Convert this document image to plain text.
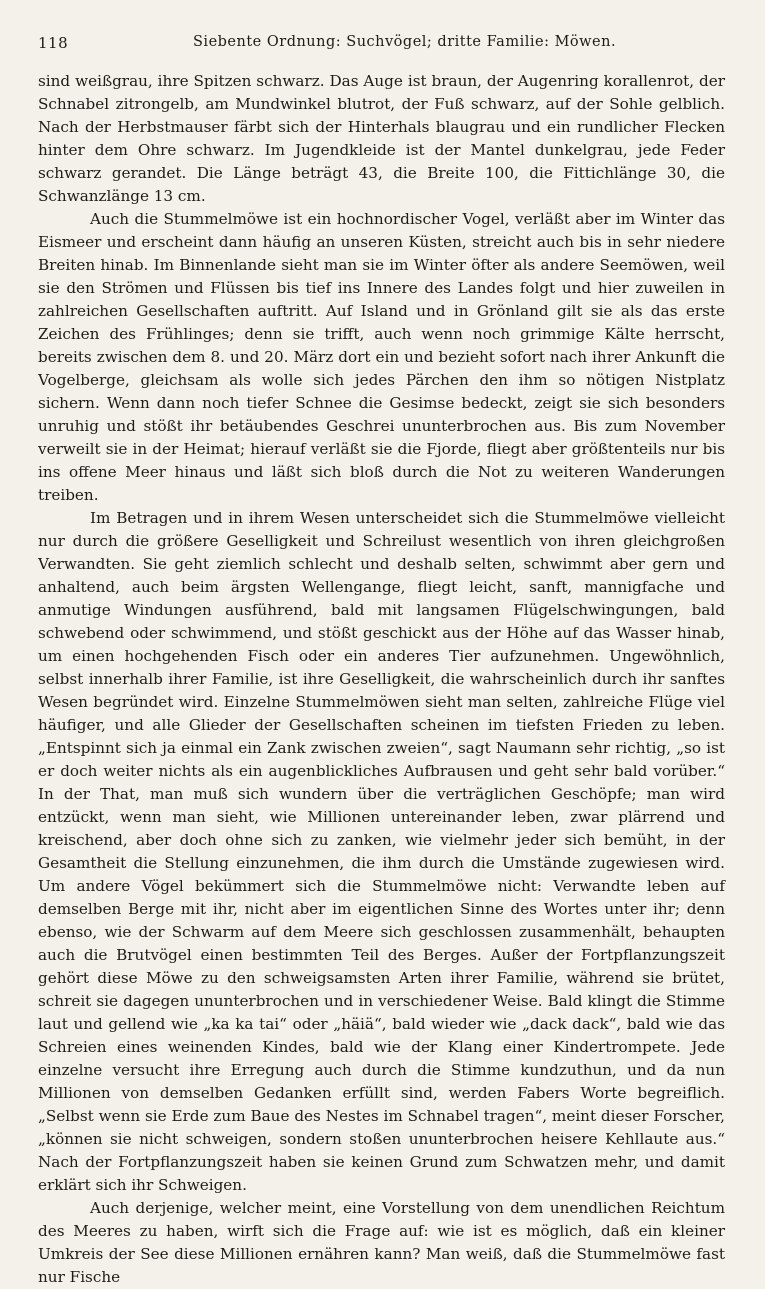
118	Siebente Ordnung: Suchvögel; dritte Familie: Möwen.

sind weißgrau, ihre Spitzen schwarz. Das Auge ist braun, der Augenring korallenrot, der Schnabel zitrongelb, am Mundwinkel blutrot, der Fuß schwarz, auf der Sohle gelblich. Nach der Herbstmauser färbt sich der Hinterhals blaugrau und ein rundlicher Flecken hinter dem Ohre schwarz. Im Jugendkleide ist der Mantel dunkelgrau, jede Feder schwarz gerandet. Die Länge beträgt 43, die Breite 100, die Fittichlänge 30, die Schwanzlänge 13 cm.

Auch die Stummelmöwe ist ein hochnordischer Vogel, verläßt aber im Winter das Eismeer und erscheint dann häufig an unseren Küsten, streicht auch bis in sehr niedere Breiten hinab. Im Binnenlande sieht man sie im Winter öfter als andere Seemöwen, weil sie den Strömen und Flüssen bis tief ins Innere des Landes folgt und hier zuweilen in zahlreichen Gesellschaften auftritt. Auf Island und in Grönland gilt sie als das erste Zeichen des Frühlinges; denn sie trifft, auch wenn noch grimmige Kälte herrscht, bereits zwischen dem 8. und 20. März dort ein und bezieht sofort nach ihrer Ankunft die Vogelberge, gleichsam als wolle sich jedes Pärchen den ihm so nötigen Nistplatz sichern. Wenn dann noch tiefer Schnee die Gesimse bedeckt, zeigt sie sich besonders unruhig und stößt ihr betäubendes Geschrei ununterbrochen aus. Bis zum November verweilt sie in der Heimat; hierauf verläßt sie die Fjorde, fliegt aber größtenteils nur bis ins offene Meer hinaus und läßt sich bloß durch die Not zu weiteren Wanderungen treiben.

Im Betragen und in ihrem Wesen unterscheidet sich die Stummelmöwe vielleicht nur durch die größere Geselligkeit und Schreilust wesentlich von ihren gleichgroßen Verwandten. Sie geht ziemlich schlecht und deshalb selten, schwimmt aber gern und anhaltend, auch beim ärgsten Wellengange, fliegt leicht, sanft, mannigfache und anmutige Windungen ausführend, bald mit langsamen Flügelschwingungen, bald schwebend oder schwimmend, und stößt geschickt aus der Höhe auf das Wasser hinab, um einen hochgehenden Fisch oder ein anderes Tier aufzunehmen. Ungewöhnlich, selbst innerhalb ihrer Familie, ist ihre Geselligkeit, die wahrscheinlich durch ihr sanftes Wesen begründet wird. Einzelne Stummelmöwen sieht man selten, zahlreiche Flüge viel häufiger, und alle Glieder der Gesellschaften scheinen im tiefsten Frieden zu leben. „Entspinnt sich ja einmal ein Zank zwischen zweien“, sagt Naumann sehr richtig, „so ist er doch weiter nichts als ein augenblickliches Aufbrausen und geht sehr bald vorüber.“ In der That, man muß sich wundern über die verträglichen Geschöpfe; man wird entzückt, wenn man sieht, wie Millionen untereinander leben, zwar plärrend und kreischend, aber doch ohne sich zu zanken, wie vielmehr jeder sich bemüht, in der Gesamtheit die Stellung einzunehmen, die ihm durch die Umstände zugewiesen wird. Um andere Vögel bekümmert sich die Stummelmöwe nicht: Verwandte leben auf demselben Berge mit ihr, nicht aber im eigentlichen Sinne des Wortes unter ihr; denn ebenso, wie der Schwarm auf dem Meere sich geschlossen zusammenhält, behaupten auch die Brutvögel einen bestimmten Teil des Berges. Außer der Fortpflanzungszeit gehört diese Möwe zu den schweigsamsten Arten ihrer Familie, während sie brütet, schreit sie dagegen ununterbrochen und in verschiedener Weise. Bald klingt die Stimme laut und gellend wie „ka ka tai“ oder „häiä“, bald wieder wie „dack dack“, bald wie das Schreien eines weinenden Kindes, bald wie der Klang einer Kindertrompete. Jede einzelne versucht ihre Erregung auch durch die Stimme kundzuthun, und da nun Millionen von demselben Gedanken erfüllt sind, werden Fabers Worte begreiflich. „Selbst wenn sie Erde zum Baue des Nestes im Schnabel tragen“, meint dieser Forscher, „können sie nicht schweigen, sondern stoßen ununterbrochen heisere Kehllaute aus.“ Nach der Fortpflanzungszeit haben sie keinen Grund zum Schwatzen mehr, und damit erklärt sich ihr Schweigen.

Auch derjenige, welcher meint, eine Vorstellung von dem unendlichen Reichtum des Meeres zu haben, wirft sich die Frage auf: wie ist es möglich, daß ein kleiner Umkreis der See diese Millionen ernähren kann? Man weiß, daß die Stummelmöwe fast nur Fische
